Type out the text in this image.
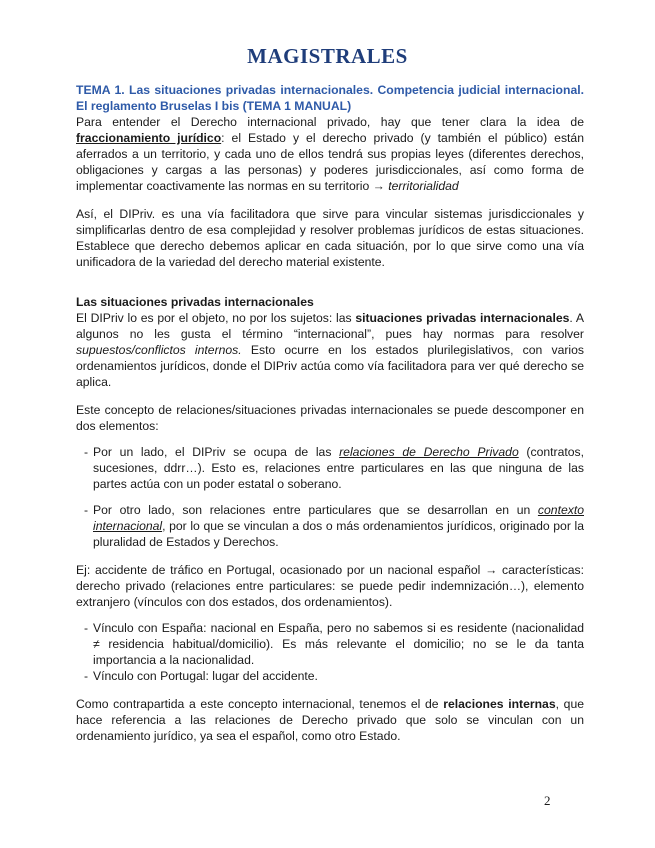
MAGISTRALES

TEMA 1. Las situaciones privadas internacionales. Competencia judicial internacional. El reglamento Bruselas I bis (TEMA 1 MANUAL)

Para entender el Derecho internacional privado, hay que tener clara la idea de fraccionamiento jurídico: el Estado y el derecho privado (y también el público) están aferrados a un territorio, y cada uno de ellos tendrá sus propias leyes (diferentes derechos, obligaciones y cargas a las personas) y poderes jurisdiccionales, así como forma de implementar coactivamente las normas en su territorio → territorialidad

Así, el DIPriv. es una vía facilitadora que sirve para vincular sistemas jurisdiccionales y simplificarlas dentro de esa complejidad y resolver problemas jurídicos de estas situaciones. Establece que derecho debemos aplicar en cada situación, por lo que sirve como una vía unificadora de la variedad del derecho material existente.

Las situaciones privadas internacionales

El DIPriv lo es por el objeto, no por los sujetos: las situaciones privadas internacionales. A algunos no les gusta el término “internacional”, pues hay normas para resolver supuestos/conflictos internos. Esto ocurre en los estados plurilegislativos, con varios ordenamientos jurídicos, donde el DIPriv actúa como vía facilitadora para ver qué derecho se aplica.

Este concepto de relaciones/situaciones privadas internacionales se puede descomponer en dos elementos:

- Por un lado, el DIPriv se ocupa de las relaciones de Derecho Privado (contratos, sucesiones, ddrr…). Esto es, relaciones entre particulares en las que ninguna de las partes actúa con un poder estatal o soberano.
- Por otro lado, son relaciones entre particulares que se desarrollan en un contexto internacional, por lo que se vinculan a dos o más ordenamientos jurídicos, originado por la pluralidad de Estados y Derechos.

Ej: accidente de tráfico en Portugal, ocasionado por un nacional español → características: derecho privado (relaciones entre particulares: se puede pedir indemnización…), elemento extranjero (vínculos con dos estados, dos ordenamientos).

- Vínculo con España: nacional en España, pero no sabemos si es residente (nacionalidad ≠ residencia habitual/domicilio). Es más relevante el domicilio; no se le da tanta importancia a la nacionalidad.
- Vínculo con Portugal: lugar del accidente.

Como contrapartida a este concepto internacional, tenemos el de relaciones internas, que hace referencia a las relaciones de Derecho privado que solo se vinculan con un ordenamiento jurídico, ya sea el español, como otro Estado.

2
